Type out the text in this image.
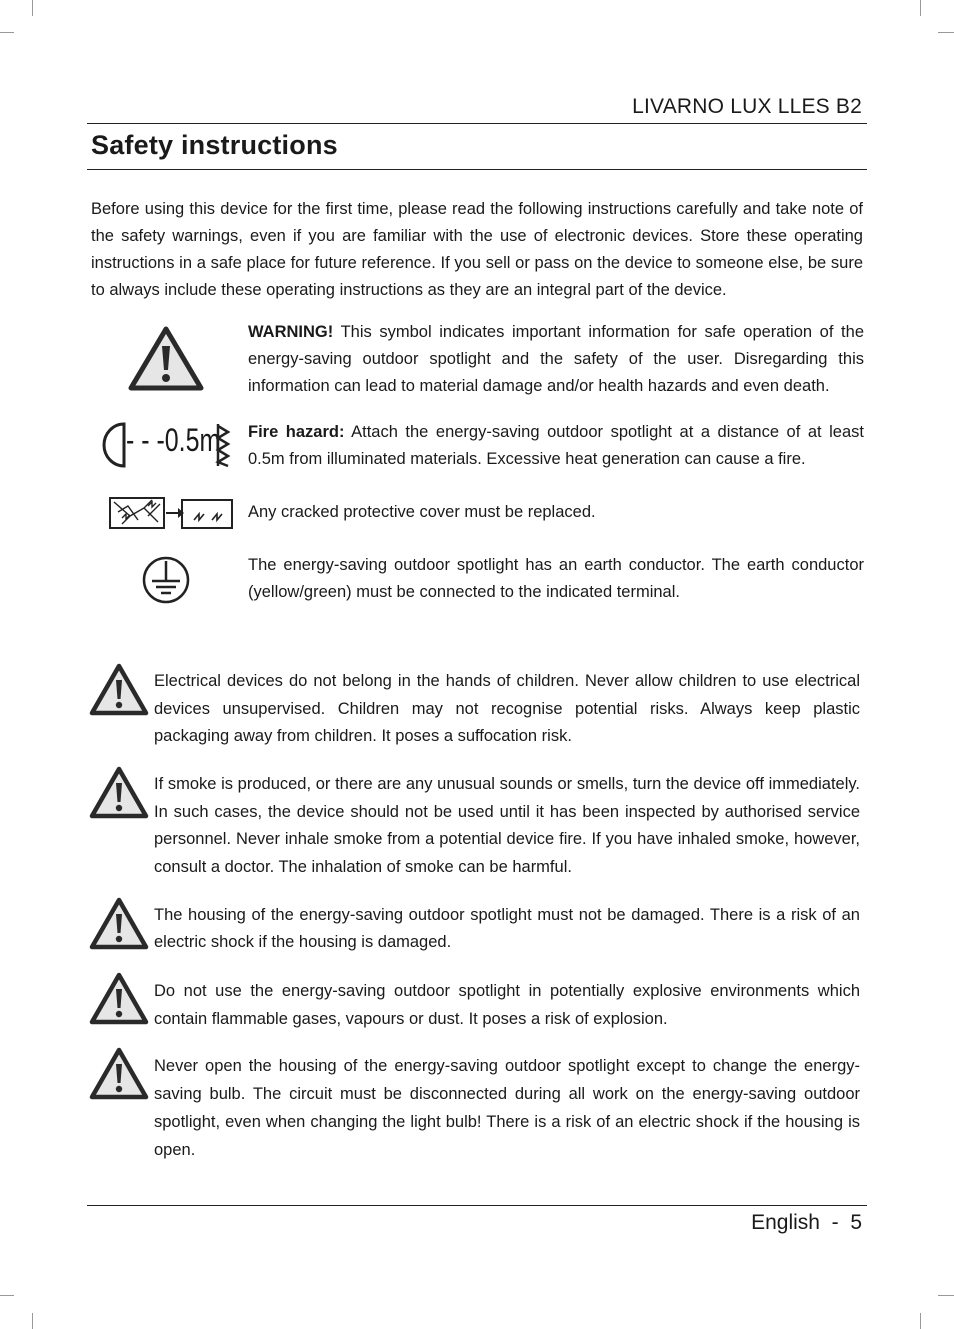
LIVARNO LUX LLES B2
Safety instructions

Before using this device for the first time, please read the following instructions carefully and take note of the safety warnings, even if you are familiar with the use of electronic devices. Store these operating instructions in a safe place for future reference. If you sell or pass on the device to someone else, be sure to always include these operating instructions as they are an integral part of the device.

WARNING! This symbol indicates important information for safe operation of the energy-saving outdoor spotlight and the safety of the user. Disregarding this information can lead to material damage and/or health hazards and even death.

- - -0.5m Fire hazard: Attach the energy-saving outdoor spotlight at a distance of at least 0.5m from illuminated materials. Excessive heat generation can cause a fire.

Any cracked protective cover must be replaced.

The energy-saving outdoor spotlight has an earth conductor. The earth conductor (yellow/green) must be connected to the indicated terminal.

Electrical devices do not belong in the hands of children. Never allow children to use electrical devices unsupervised. Children may not recognise potential risks. Always keep plastic packaging away from children. It poses a suffocation risk.

If smoke is produced, or there are any unusual sounds or smells, turn the device off immediately. In such cases, the device should not be used until it has been inspected by authorised service personnel. Never inhale smoke from a potential device fire. If you have inhaled smoke, however, consult a doctor. The inhalation of smoke can be harmful.

The housing of the energy-saving outdoor spotlight must not be damaged. There is a risk of an electric shock if the housing is damaged.

Do not use the energy-saving outdoor spotlight in potentially explosive environments which contain flammable gases, vapours or dust. It poses a risk of explosion.

Never open the housing of the energy-saving outdoor spotlight except to change the energy-saving bulb. The circuit must be disconnected during all work on the energy-saving outdoor spotlight, even when changing the light bulb! There is a risk of an electric shock if the housing is open.

English  -  5
